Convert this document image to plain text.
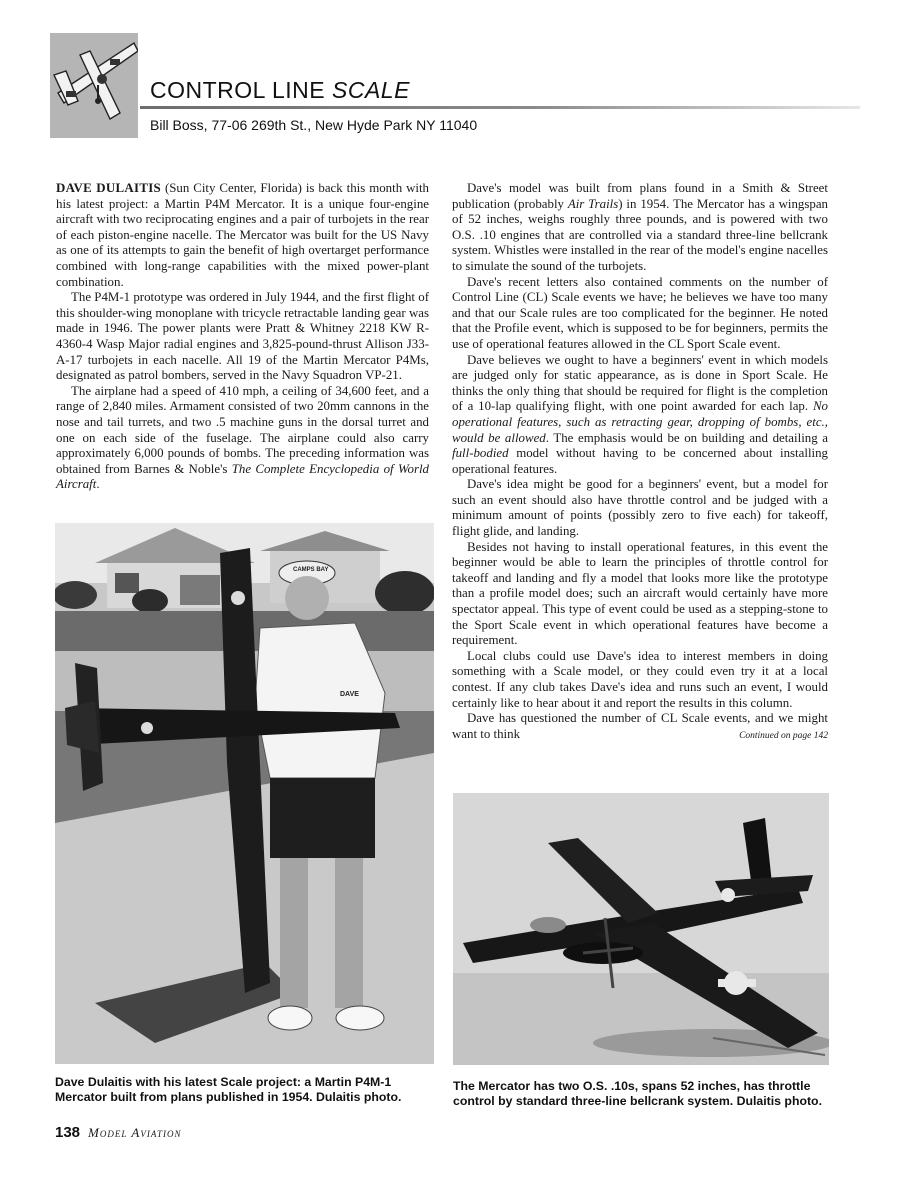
CONTROL LINE SCALE

Bill Boss, 77-06 269th St., New Hyde Park NY 11040

DAVE DULAITIS (Sun City Center, Florida) is back this month with his latest project: a Martin P4M Mercator. It is a unique four-engine aircraft with two reciprocating engines and a pair of turbojets in the rear of each piston-engine nacelle. The Mercator was built for the US Navy as one of its attempts to gain the benefit of high overtarget performance combined with long-range capabilities with the mixed power-plant combination.

The P4M-1 prototype was ordered in July 1944, and the first flight of this shoulder-wing monoplane with tricycle retractable landing gear was made in 1946. The power plants were Pratt & Whitney 2218 KW R-4360-4 Wasp Major radial engines and 3,825-pound-thrust Allison J33-A-17 turbojets in each nacelle. All 19 of the Martin Mercator P4Ms, designated as patrol bombers, served in the Navy Squadron VP-21.

The airplane had a speed of 410 mph, a ceiling of 34,600 feet, and a range of 2,840 miles. Armament consisted of two 20mm cannons in the nose and tail turrets, and two .5 machine guns in the dorsal turret and one on each side of the fuselage. The airplane could also carry approximately 6,000 pounds of bombs. The preceding information was obtained from Barnes & Noble's The Complete Encyclopedia of World Aircraft.

Dave's model was built from plans found in a Smith & Street publication (probably Air Trails) in 1954. The Mercator has a wingspan of 52 inches, weighs roughly three pounds, and is powered with two O.S. .10 engines that are controlled via a standard three-line bellcrank system. Whistles were installed in the rear of the model's engine nacelles to simulate the sound of the turbojets.

Dave's recent letters also contained comments on the number of Control Line (CL) Scale events we have; he believes we have too many and that our Scale rules are too complicated for the beginner. He noted that the Profile event, which is supposed to be for beginners, permits the use of operational features allowed in the CL Sport Scale event.

Dave believes we ought to have a beginners' event in which models are judged only for static appearance, as is done in Sport Scale. He thinks the only thing that should be required for flight is the completion of a 10-lap qualifying flight, with one point awarded for each lap. No operational features, such as retracting gear, dropping of bombs, etc., would be allowed. The emphasis would be on building and detailing a full-bodied model without having to be concerned about installing operational features.

Dave's idea might be good for a beginners' event, but a model for such an event should also have throttle control and be judged with a minimum amount of points (possibly zero to five each) for takeoff, flight glide, and landing.

Besides not having to install operational features, in this event the beginner would be able to learn the principles of throttle control for takeoff and landing and fly a model that looks more like the prototype than a profile model does; such an aircraft would certainly have more spectator appeal. This type of event could be used as a stepping-stone to the Sport Scale event in which operational features have become a requirement.

Local clubs could use Dave's idea to interest members in doing something with a Scale model, or they could even try it at a local contest. If any club takes Dave's idea and runs such an event, I would certainly like to hear about it and report the results in this column.

Dave has questioned the number of CL Scale events, and we might want to think	Continued on page 142

CAMPS BAY
DAVE

Dave Dulaitis with his latest Scale project: a Martin P4M-1 Mercator built from plans published in 1954. Dulaitis photo.

The Mercator has two O.S. .10s, spans 52 inches, has throttle control by standard three-line bellcrank system. Dulaitis photo.

138 Model Aviation
